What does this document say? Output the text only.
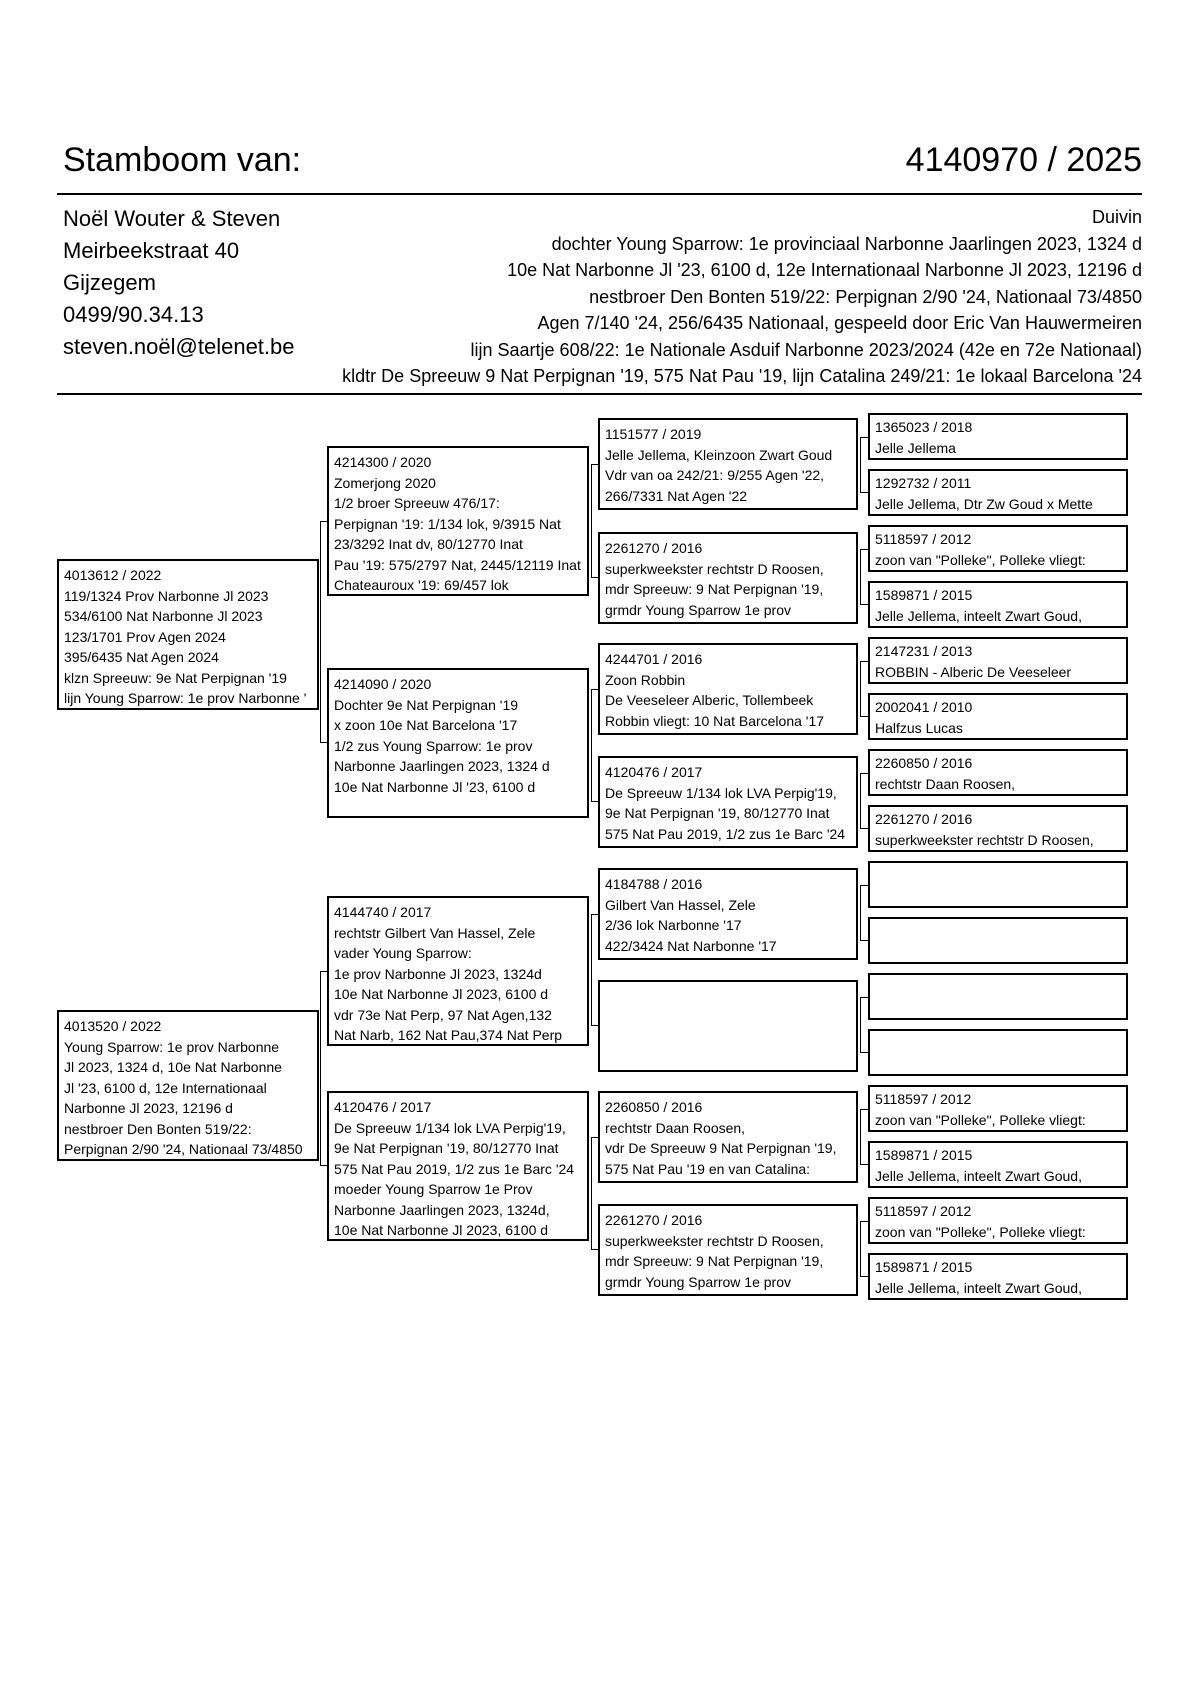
Stamboom van:	4140970 / 2025
Noël Wouter & Steven
Meirbeekstraat 40
Gijzegem
0499/90.34.13
steven.noël@telenet.be
Duivin
dochter Young Sparrow: 1e provinciaal Narbonne Jaarlingen 2023, 1324 d
10e Nat Narbonne Jl '23, 6100 d, 12e Internationaal Narbonne Jl 2023, 12196 d
nestbroer Den Bonten 519/22: Perpignan 2/90 '24, Nationaal 73/4850
Agen 7/140 '24, 256/6435 Nationaal, gespeeld door Eric Van Hauwermeiren
lijn Saartje 608/22: 1e Nationale Asduif Narbonne 2023/2024 (42e en 72e Nationaal)
kldtr De Spreeuw 9 Nat Perpignan '19, 575 Nat Pau '19, lijn Catalina 249/21: 1e lokaal Barcelona '24
4013612 / 2022
119/1324 Prov Narbonne Jl 2023
534/6100 Nat Narbonne Jl 2023
123/1701 Prov Agen 2024
395/6435 Nat Agen 2024
klzn Spreeuw: 9e Nat Perpignan '19
lijn Young Sparrow: 1e prov Narbonne '
4013520 / 2022
Young Sparrow: 1e prov Narbonne
Jl 2023, 1324 d, 10e Nat Narbonne
Jl '23, 6100 d, 12e Internationaal
Narbonne Jl 2023, 12196 d
nestbroer Den Bonten 519/22:
Perpignan 2/90 '24, Nationaal 73/4850
4214300 / 2020
Zomerjong 2020
1/2 broer Spreeuw 476/17:
Perpignan '19: 1/134 lok, 9/3915 Nat
23/3292 Inat dv, 80/12770 Inat
Pau '19: 575/2797 Nat, 2445/12119 Inat
Chateauroux '19: 69/457 lok
4214090 / 2020
Dochter 9e Nat Perpignan '19
x zoon 10e Nat Barcelona '17
1/2 zus Young Sparrow: 1e prov
Narbonne Jaarlingen 2023, 1324 d
10e Nat Narbonne Jl '23, 6100 d
4144740 / 2017
rechtstr Gilbert Van Hassel, Zele
vader Young Sparrow:
1e prov Narbonne Jl 2023, 1324d
10e Nat Narbonne Jl 2023, 6100 d
vdr 73e Nat Perp, 97 Nat Agen,132
Nat Narb, 162 Nat Pau,374 Nat Perp
4120476 / 2017
De Spreeuw 1/134 lok LVA Perpig'19,
9e Nat Perpignan '19, 80/12770 Inat
575 Nat Pau 2019, 1/2 zus 1e Barc '24
moeder Young Sparrow 1e Prov
Narbonne Jaarlingen 2023, 1324d,
10e Nat Narbonne Jl 2023, 6100 d
1151577 / 2019
Jelle Jellema, Kleinzoon Zwart Goud
Vdr van oa 242/21: 9/255 Agen '22,
266/7331 Nat Agen '22
2261270 / 2016
superkweekster rechtstr D Roosen,
mdr Spreeuw: 9 Nat Perpignan '19,
grmdr Young Sparrow 1e prov
4244701 / 2016
Zoon Robbin
De Veeseleer Alberic, Tollembeek
Robbin vliegt: 10 Nat Barcelona '17
4120476 / 2017
De Spreeuw 1/134 lok LVA Perpig'19,
9e Nat Perpignan '19, 80/12770 Inat
575 Nat Pau 2019, 1/2 zus 1e Barc '24
4184788 / 2016
Gilbert Van Hassel, Zele
2/36 lok Narbonne '17
422/3424 Nat Narbonne '17
2260850 / 2016
rechtstr Daan Roosen,
vdr De Spreeuw 9 Nat Perpignan '19,
575 Nat Pau '19 en van Catalina:
2261270 / 2016
superkweekster rechtstr D Roosen,
mdr Spreeuw: 9 Nat Perpignan '19,
grmdr Young Sparrow 1e prov
1365023 / 2018
Jelle Jellema
1292732 / 2011
Jelle Jellema, Dtr Zw Goud x Mette
5118597 / 2012
zoon van "Polleke", Polleke vliegt:
1589871 / 2015
Jelle Jellema, inteelt Zwart Goud,
2147231 / 2013
ROBBIN - Alberic De Veeseleer
2002041 / 2010
Halfzus Lucas
2260850 / 2016
rechtstr Daan Roosen,
2261270 / 2016
superkweekster rechtstr D Roosen,
5118597 / 2012
zoon van "Polleke", Polleke vliegt:
1589871 / 2015
Jelle Jellema, inteelt Zwart Goud,
5118597 / 2012
zoon van "Polleke", Polleke vliegt:
1589871 / 2015
Jelle Jellema, inteelt Zwart Goud,
